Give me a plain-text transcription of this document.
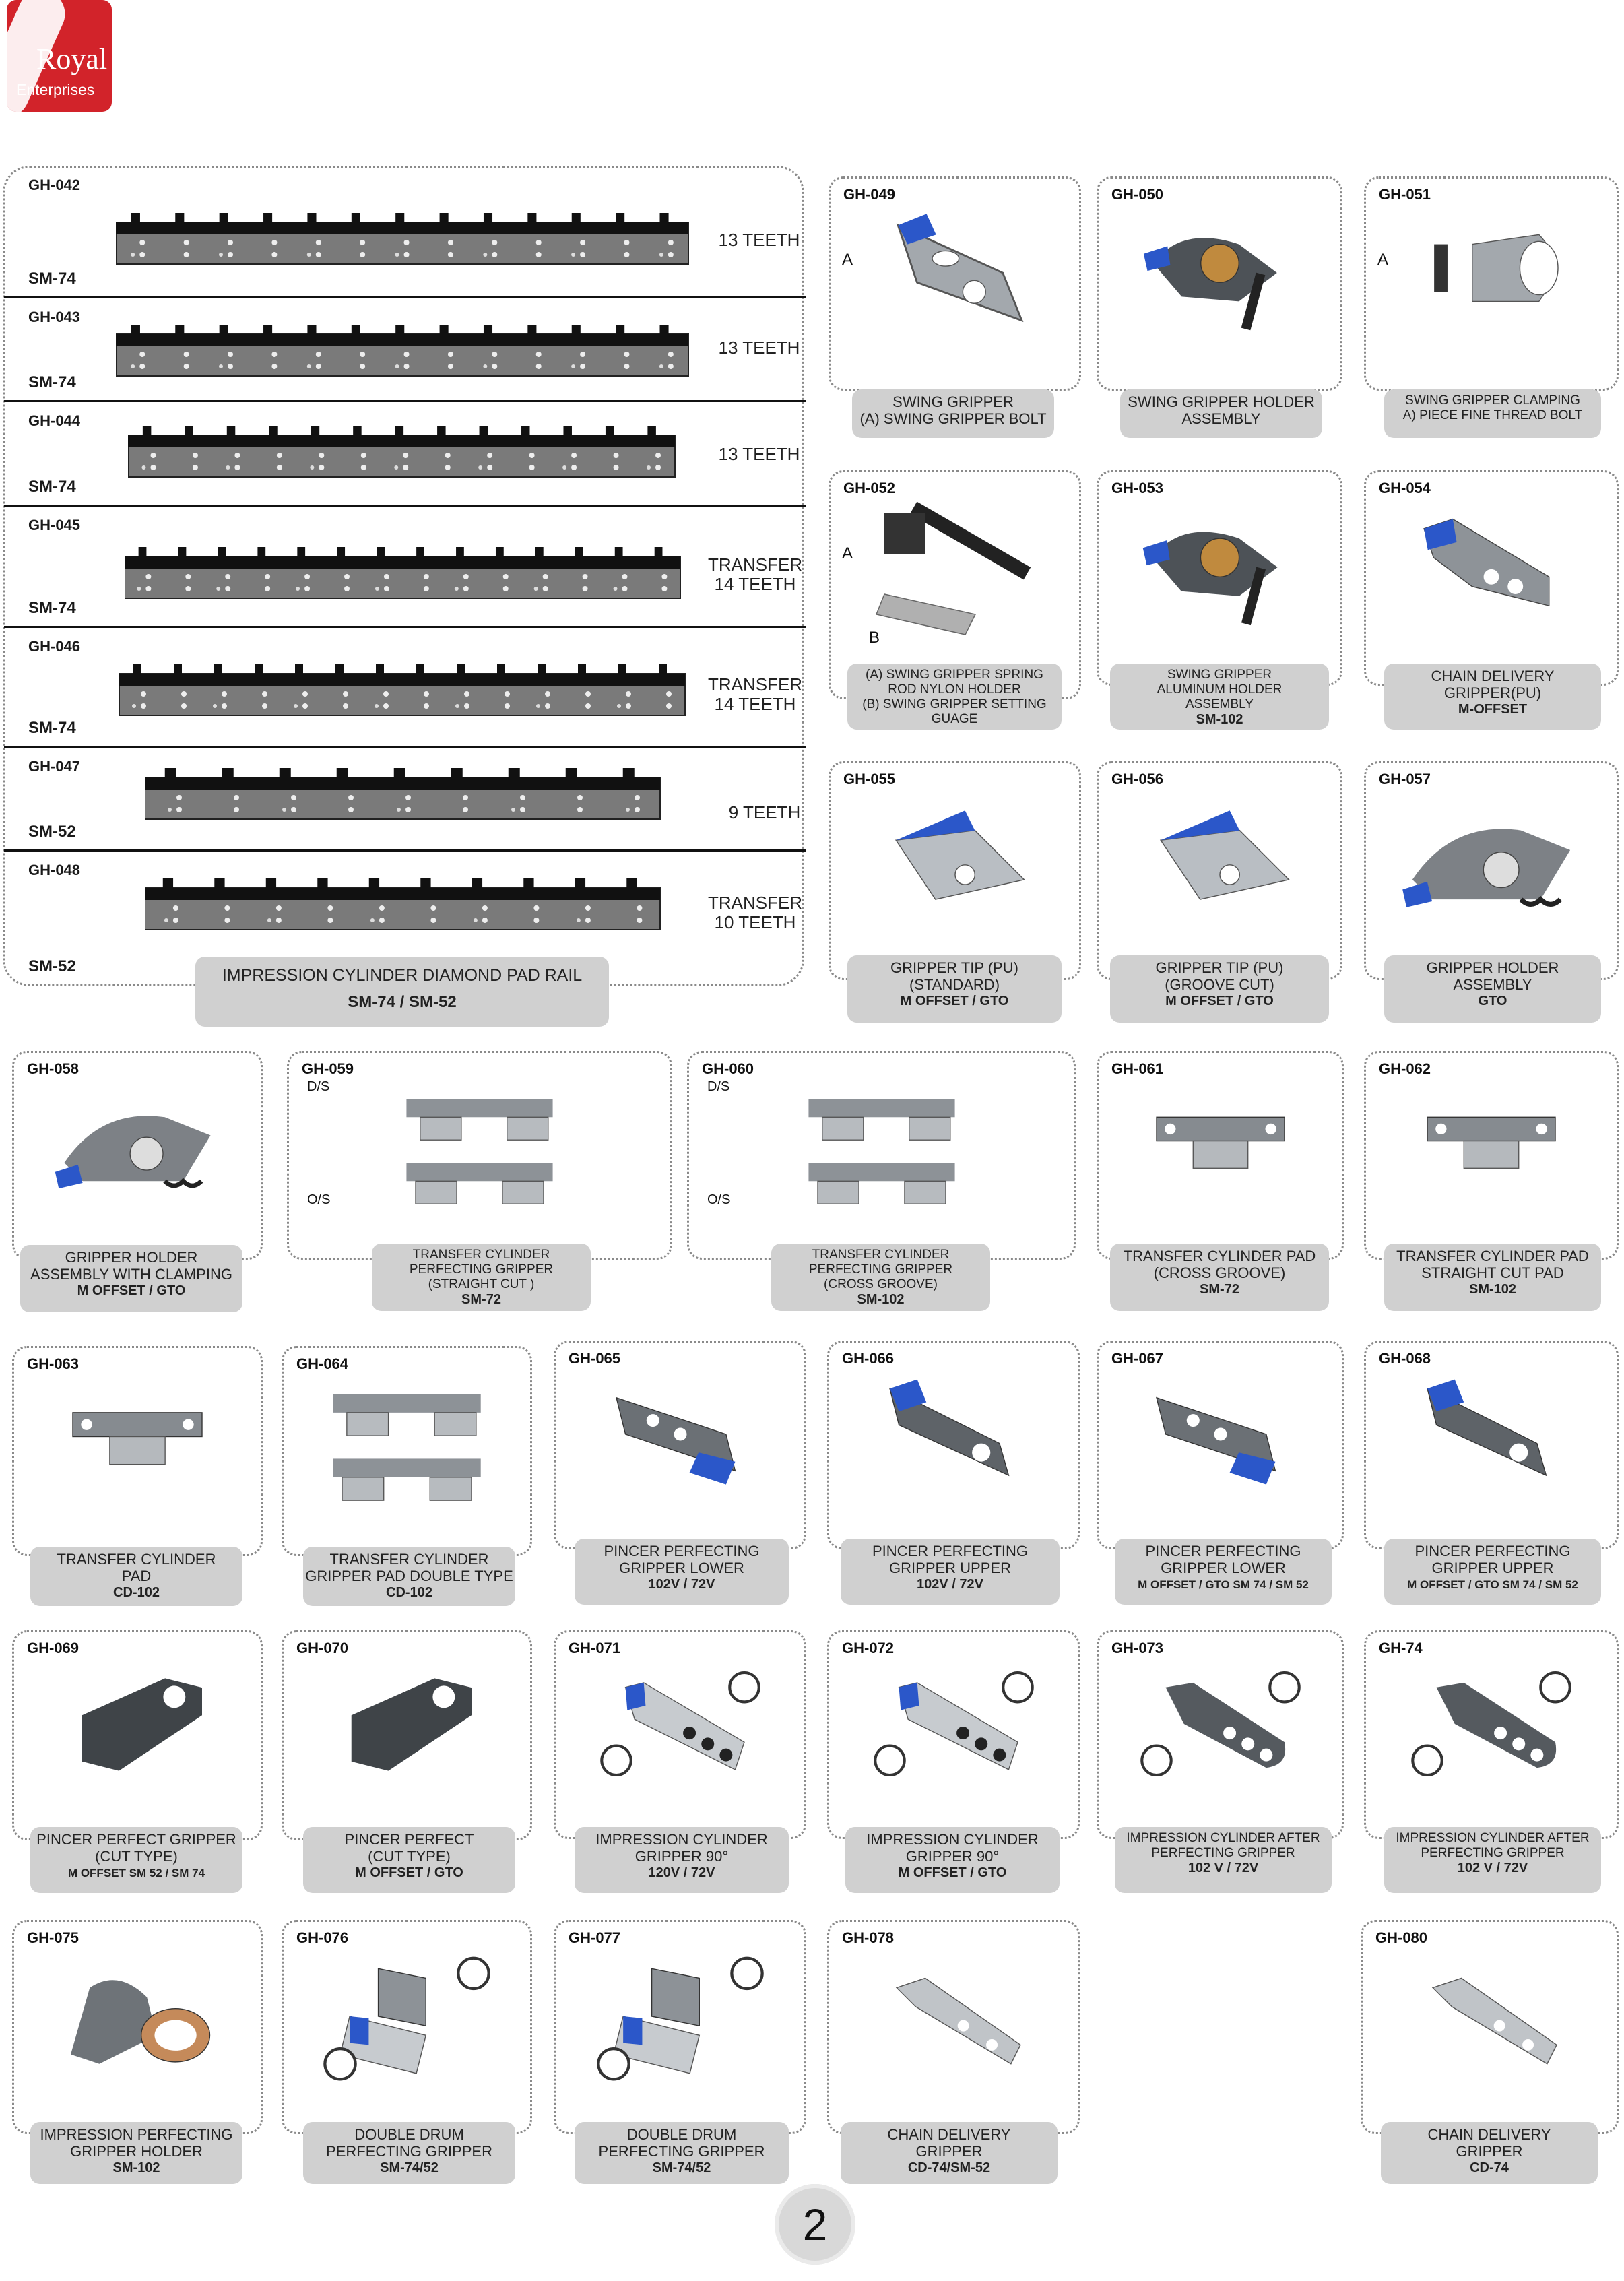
Royal
Enterprises
GH-042
SM-74
13 TEETH
GH-043
SM-74
13 TEETH
GH-044
SM-74
13 TEETH
GH-045
SM-74
TRANSFER
14 TEETH
GH-046
SM-74
TRANSFER
14 TEETH
GH-047
SM-52
9 TEETH
GH-048
SM-52
TRANSFER
10 TEETH
IMPRESSION CYLINDER DIAMOND PAD RAIL
SM-74 / SM-52
GH-049
A
SWING GRIPPER
(A) SWING GRIPPER BOLT
GH-050
SWING GRIPPER HOLDER
ASSEMBLY
GH-051
A
SWING GRIPPER CLAMPING
A) PIECE FINE THREAD BOLT
GH-052
A
B
(A) SWING GRIPPER SPRING
ROD NYLON HOLDER
(B) SWING GRIPPER SETTING GUAGE
GH-053
SWING GRIPPER
ALUMINUM HOLDER
ASSEMBLY
SM-102
GH-054
CHAIN DELIVERY
GRIPPER(PU)
M-OFFSET
GH-055
GRIPPER TIP (PU)
(STANDARD)
M OFFSET / GTO
GH-056
GRIPPER TIP (PU)
(GROOVE CUT)
M OFFSET / GTO
GH-057
GRIPPER HOLDER
ASSEMBLY
GTO
GH-058
GRIPPER HOLDER
ASSEMBLY WITH CLAMPING
M OFFSET / GTO
GH-059
D/S
O/S
TRANSFER CYLINDER
PERFECTING GRIPPER
(STRAIGHT CUT )
SM-72
GH-060
D/S
O/S
TRANSFER CYLINDER
PERFECTING GRIPPER
(CROSS GROOVE)
SM-102
GH-061
TRANSFER CYLINDER PAD
(CROSS GROOVE)
SM-72
GH-062
TRANSFER CYLINDER PAD
STRAIGHT CUT PAD
SM-102
GH-063
TRANSFER CYLINDER
PAD
CD-102
GH-064
TRANSFER CYLINDER
GRIPPER PAD DOUBLE TYPE
CD-102
GH-065
PINCER PERFECTING
GRIPPER LOWER
102V / 72V
GH-066
PINCER PERFECTING
GRIPPER UPPER
102V / 72V
GH-067
PINCER PERFECTING
GRIPPER LOWER
M OFFSET / GTO SM 74 / SM 52
GH-068
PINCER PERFECTING
GRIPPER UPPER
M OFFSET / GTO SM 74 / SM 52
GH-069
PINCER PERFECT GRIPPER
(CUT TYPE)
M OFFSET SM 52 / SM 74
GH-070
PINCER PERFECT
(CUT TYPE)
M OFFSET / GTO
GH-071
IMPRESSION CYLINDER
GRIPPER 90°
120V / 72V
GH-072
IMPRESSION CYLINDER
GRIPPER 90°
M OFFSET / GTO
GH-073
IMPRESSION CYLINDER AFTER
PERFECTING GRIPPER
102 V / 72V
GH-74
IMPRESSION CYLINDER AFTER
PERFECTING GRIPPER
102 V / 72V
GH-075
IMPRESSION PERFECTING
GRIPPER HOLDER
SM-102
GH-076
DOUBLE DRUM
PERFECTING GRIPPER
SM-74/52
GH-077
DOUBLE DRUM
PERFECTING GRIPPER
SM-74/52
GH-078
CHAIN DELIVERY
GRIPPER
CD-74/SM-52
GH-080
CHAIN DELIVERY
GRIPPER
CD-74
2
